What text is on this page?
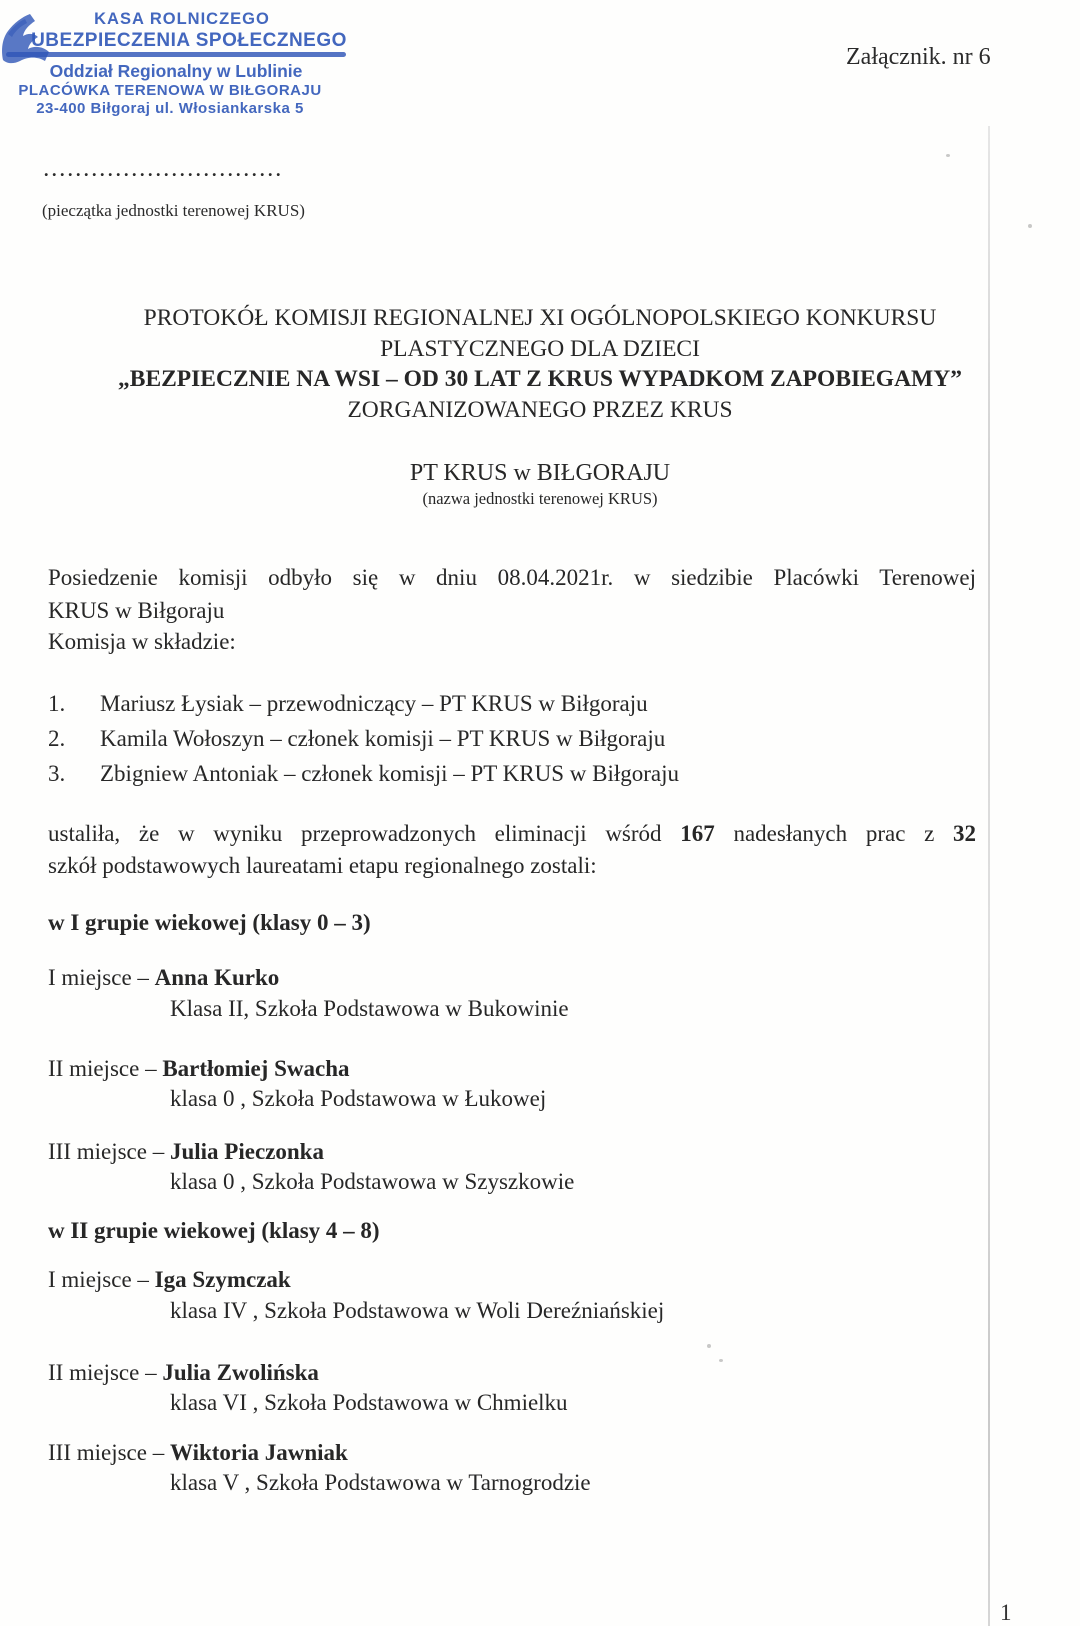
KASA ROLNICZEGO
UBEZPIECZENIA SPOŁECZNEGO
Oddział Regionalny w Lublinie
PLACÓWKA TERENOWA W BIŁGORAJU
23-400 Biłgoraj ul. Włosiankarska 5
Załącznik. nr 6
..............................
(pieczątka jednostki terenowej KRUS)
PROTOKÓŁ KOMISJI REGIONALNEJ XI OGÓLNOPOLSKIEGO KONKURSU
PLASTYCZNEGO DLA DZIECI
„BEZPIECZNIE NA WSI – OD 30 LAT Z KRUS WYPADKOM ZAPOBIEGAMY”
ZORGANIZOWANEGO PRZEZ KRUS
PT KRUS w BIŁGORAJU
(nazwa jednostki terenowej KRUS)
Posiedzenie komisji odbyło się w dniu 08.04.2021r. w siedzibie Placówki Terenowej
KRUS w Biłgoraju
Komisja w składzie:
1.	Mariusz Łysiak – przewodniczący – PT KRUS w Biłgoraju
2.	Kamila Wołoszyn – członek komisji – PT KRUS w Biłgoraju
3.	Zbigniew Antoniak – członek komisji – PT KRUS w Biłgoraju
ustaliła, że w wyniku przeprowadzonych eliminacji wśród 167 nadesłanych prac z 32
szkół podstawowych laureatami etapu regionalnego zostali:
w I grupie wiekowej (klasy 0 – 3)
I miejsce – Anna Kurko
Klasa II, Szkoła Podstawowa w Bukowinie
II miejsce – Bartłomiej Swacha
klasa 0 , Szkoła Podstawowa w Łukowej
III miejsce – Julia Pieczonka
klasa 0 , Szkoła Podstawowa w Szyszkowie
w II grupie wiekowej (klasy 4 – 8)
I miejsce – Iga Szymczak
klasa IV , Szkoła Podstawowa w Woli Dereźniańskiej
II miejsce – Julia Zwolińska
klasa VI , Szkoła Podstawowa w Chmielku
III miejsce – Wiktoria Jawniak
klasa V , Szkoła Podstawowa w Tarnogrodzie
1
